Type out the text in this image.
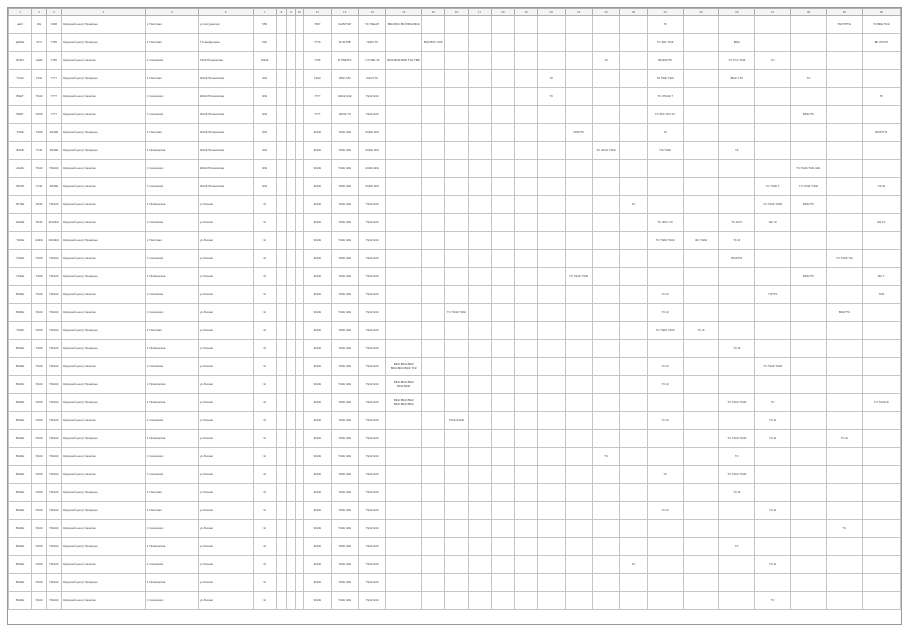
1	2	3	4	5	6	7	8	9	10	11	12	13	14	15	16	17	18	19	20	21	22	23	24	25	26	27	28	29	30
авгК	ИЦ	1338	Окружной центр Приморье	1 Пахтовая	ул.Сатурннпорт	556				7007	Кж.ВХТКЛ	ТК.7ЖЕАП	ВКН.ВОС.ВСЙ ВКН.ВКЖ										ТК					ПКО?РТЖ	ТС.ВКЕ ТКЖ
ДКЖЕ	ХУХ	7795	Окружной центр Приморье	1 Пахтовая	Т.С.авгДуловка	ИЖ				7779	В.ОКТЛВ	7КЖК.ТЛ		ВОК ВОС ХАК									ТС ЗКС ТКЖ		ВКЖ				ВК ЗТЖ?К
ИКЖУ	НЦЖ	7795	Окружной центр Сахалин	1 Сахалинск	7ЖЖ.Юграинская	ЖЖЖ				7795	Б.ТЛЕЛТК	7.СТЖЕ.ТК	ВКЖ.ВКЖ.ВЖК ТСК.ТВЖ								ТС		ВКЖЖ?ТК		ТС.ТСС.ТКЖ	ТС			
ТСАК	ТХЖ	7777	Окружной центр Приморье	1 Пахтовая	ЖЖЖ.Юграинская	ЖЖ				ТЖЖ	ЛЛЖ.ТЛК	ЛЖСТ.ТК							ТК				ТК.ТЖЕ.ТЖК		ВКЖ.Т.ТК		ТО		
ВКЕТ	ТЖЖ	7777	Окружной центр Сахалин	1 Сахалинск	ЖЖЖ.Юграинская	ЖЖ				7777	ЖЖЖ.ЖЖ	ТЖЖ.ЖЖ							ТС				ТС.ЗТЖЖ.Т						ТК
ВКЕТ	ХЖЖ	7777	Окружной центр Сахалин	1 Сахалинск	ЖЖЖ.Юграинская	ЖЖ				7777	ЖЖЖ.ТЛ	ТЖЖ.ЖЖ											ТС.ЗКС.ТКС.ТС				ВКЖ?ТК		
ТАКЕ	ТЖЖ	ЗЖЖЕ	Окружной центр Приморье	1 Пахтовая	ЖЖЖ.Юграинская	ЖЖ				ЖЖЖ	ТЖЖ.ЖЖ	ЖЖЖ.ЖЖ								ТКЖ?ТС			ТК						ВКЖ?ТЖ
ВАКВ	ТСЖ	ЗЖЖЕ	Окружной центр Приморье	1 Приморская	ЖЖЖ.Юграинская	ЖЖ				ЖЖЖ	ТЖЖ.ЖЖ	ЖЖЖ.ЖЖ									ТС.ЖСЖ.ТЖЖ		ТЖ.ТЖЖ		ТК				
АНКЕ	ТЖЖ	ТЖЖЖ	Окружной центр Сахалин	1 Сахалинск	ЖЖЖ.Юграинская	ЖЖ				ЖЖЖ	ТЖЖ.ЖЖ	ЖЖЖ.ЖЖ															ТС.ТЖЖ.ТКЖ.ЖЖ.		
ВКАВ	ТСЖ	ЗЖЖЕ	Окружной центр Сахалин	1 Сахалинск	ЖЖЖ.Юграинская	ЖЖ				ЖЖЖ	ТЖЖ.ЖЖ	ЖЖЖ.ЖЖ														ТС.ТЖЖ.Т	ТС.ТЖЖ.ТЖЖ		ТЖ.Ж
ИТЖЕ	ИСЖ	ТЖЖЖ	Окружной центр Сахалин	1 Приморская	ул.Лесная	Ж				ЖЖЖ	ТЖЖ.ЖЖ	ТЖЖ.ЖЖ										ТС				ТС.ТЖЖ.ТЖЖ	ВКЖ?ТК		
ИНЖЕ	ИСЖ	ЖЖЖЖ	Окружной центр Сахалин	1 Сахалинск	ул.Лесная	Ж				ЖЖЖ	ТЖЖ.ЖЖ	ТЖЖ.ЖЖ											ТС.ЖСС.ТС		ТС.ЖСС	ЖС.Ж			ЖК.ТС
ТКЖЕ	ЖЖЖ	ЖЖЖЖ	Окружной центр Приморье	1 Пахтовая	ул.Лесная	Ж				ЖЖЖ	ТЖЖ.ЖЖ	ТЖЖ.ЖЖ											ТС.ТЖЖ.ТЖЖ	ЖС.ТЖЖ	ТС.Ж				
ТАЖЕ	ТЖЖ	ТЖЖЖ	Окружной центр Сахалин	1 Сахалинск	ул.Лесная	Ж				ЖЖЖ	ТЖЖ.ЖЖ	ТЖЖ.ЖЖ													ВКЖ?ТК			ТС.ТЖЖ.ТЖ	
ТАЖЕ	ТЖЖ	ТЖЖЖ	Окружной центр Приморье	1 Приморская	ул.Лесная	Ж				ЖЖЖ	ТЖЖ.ЖЖ	ТЖЖ.ЖЖ								ТС.ТЖЖ.ТЖЖ							ВКЖ?ТК		ВК.Т
ВКЖЕ	ТЖЖ	ТЖЖЖ	Окружной центр Сахалин	1 Сахалинск	ул.Лесная	Ж				ЖЖЖ	ТЖЖ.ЖЖ	ТЖЖ.ЖЖ											ТС.Ж			ТЖ?ТК			ТКЖ
ВКЖЕ	ХЖЖ	ТЖЖЖ	Окружной центр Сахалин	1 Сахалинск	ул.Лесная	Ж				ЖЖЖ	ТЖЖ.ЖЖ	ТЖЖ.ЖЖ			ТС.ТЖЖ.ТЖЖ								ТС.Ж					ВКЖ?ТК	
ТАКЖ	ХЖЖ	ТЖЖЖ	Окружной центр Приморье	1 Пахтовая	ул.Лесная	Ж				ЖЖЖ	ТЖЖ.ЖЖ	ТЖЖ.ЖЖ											ТС.ТЖЖ.ТЖЖ	ТС.Ж					
ВКЖЕ	ТЖЖ	ТЖЖЖ	Окружной центр Приморье	1 Приморская	ул.Лесная	Ж				ЖЖЖ	ТЖЖ.ЖЖ	ТЖЖ.ЖЖ													ТС.Ж				
ВНЖЕ	ТЖЖ	ТЖЖЖ	Окружной центр Сахалин	1 Сахалинск	ул.Лесная	Ж				ЖЖЖ	ТЖЖ.ЖЖ	ТЖЖ.ЖЖ	ВКЖ.ВКЖ.ВЖК ВКЖ.ВКЖ.ВЖК ТСК										ТС.Ж			ТС.ТЖЖ.ТЖЖ			
ВАКЖ	ХЖЖ	ТЖЖЖ	Окружной центр Приморье	1 Приморская	ул.Лесная	Ж				ЖЖЖ	ТЖЖ.ЖЖ	ТЖЖ.ЖЖ	ВКЖ.ВКЖ.ВЖК ВКЖ.ВКЖ										ТС.Ж						
ВНЖЕ	ХЖЖ	ТЖЖЖ	Окружной центр Приморье	1 Приморская	ул.Лесная	Ж				ЖЖЖ	ТЖЖ.ЖЖ	ТЖЖ.ЖЖ	ВКЖ.ВКЖ.ВЖК ВКЖ.ВКЖ.ВЖК												ТС.ТЖЖ.ТЖЖ	ТС			ТС.ТЖЖ.Ж
ВАЖЕ	ХЖЖ	ТЖЖЖ	Окружной центр Сахалин	1 Сахалинск	ул.Лесная	Ж				ЖЖЖ	ТЖЖ.ЖЖ	ТЖЖ.ЖЖ			ТЖЖ.ЖЖЖ								ТС.Ж			ТС.Ж			
ВАЖЕ	ХЖЖ	ТЖЖЖ	Окружной центр Приморье	1 Приморская	ул.Лесная	Ж				ЖЖЖ	ТЖЖ.ЖЖ	ТЖЖ.ЖЖ													ТС.ТЖЖ.ТЖЖ	ТС.Ж		ТС.Ж	
ВАЖЕ	ХЖЖ	ТЖЖЖ	Окружной центр Сахалин	1 Сахалинск	ул.Лесная	Ж				ЖЖЖ	ТЖЖ.ЖЖ	ТЖЖ.ЖЖ									ТС				ТС				
ВАЖЕ	ХЖЖ	ТЖЖЖ	Окружной центр Сахалин	1 Сахалинск	ул.Лесная	Ж				ЖЖЖ	ТЖЖ.ЖЖ	ТЖЖ.ЖЖ											ТС		ТС.ТЖЖ.ТЖЖ				
ВАЖЕ	ХЖЖ	ТЖЖЖ	Окружной центр Приморье	1 Пахтовая	ул.Лесная	Ж				ЖЖЖ	ТЖЖ.ЖЖ	ТЖЖ.ЖЖ													ТС.Ж				
ВАЖЕ	ХЖЖ	ТЖЖЖ	Окружной центр Приморье	1 Пахтовая	ул.Лесная	Ж				ЖЖЖ	ТЖЖ.ЖЖ	ТЖЖ.ЖЖ											ТС.Ж			ТС.Ж			
ВАЖЕ	ХЖЖ	ТЖЖЖ	Окружной центр Сахалин	1 Сахалинск	ул.Лесная	Ж				ЖЖЖ	ТЖЖ.ЖЖ	ТЖЖ.ЖЖ																ТС	
ВАЖЕ	ХЖЖ	ТЖЖЖ	Окружной центр Приморье	1 Приморская	ул.Лесная	Ж				ЖЖЖ	ТЖЖ.ЖЖ	ТЖЖ.ЖЖ													ТС				
ВАЖЕ	ХЖЖ	ТЖЖЖ	Окружной центр Сахалин	1 Сахалинск	ул.Лесная	Ж				ЖЖЖ	ТЖЖ.ЖЖ	ТЖЖ.ЖЖ										ТС				ТС.Ж			
ВАЖЕ	ХЖЖ	ТЖЖЖ	Окружной центр Приморье	1 Приморская	ул.Лесная	Ж				ЖЖЖ	ТЖЖ.ЖЖ	ТЖЖ.ЖЖ																	
ВАЖЕ	ХЖЖ	ТЖЖЖ	Окружной центр Сахалин	1 Сахалинск	ул.Лесная	Ж				ЖЖЖ	ТЖЖ.ЖЖ	ТЖЖ.ЖЖ														ТС			
